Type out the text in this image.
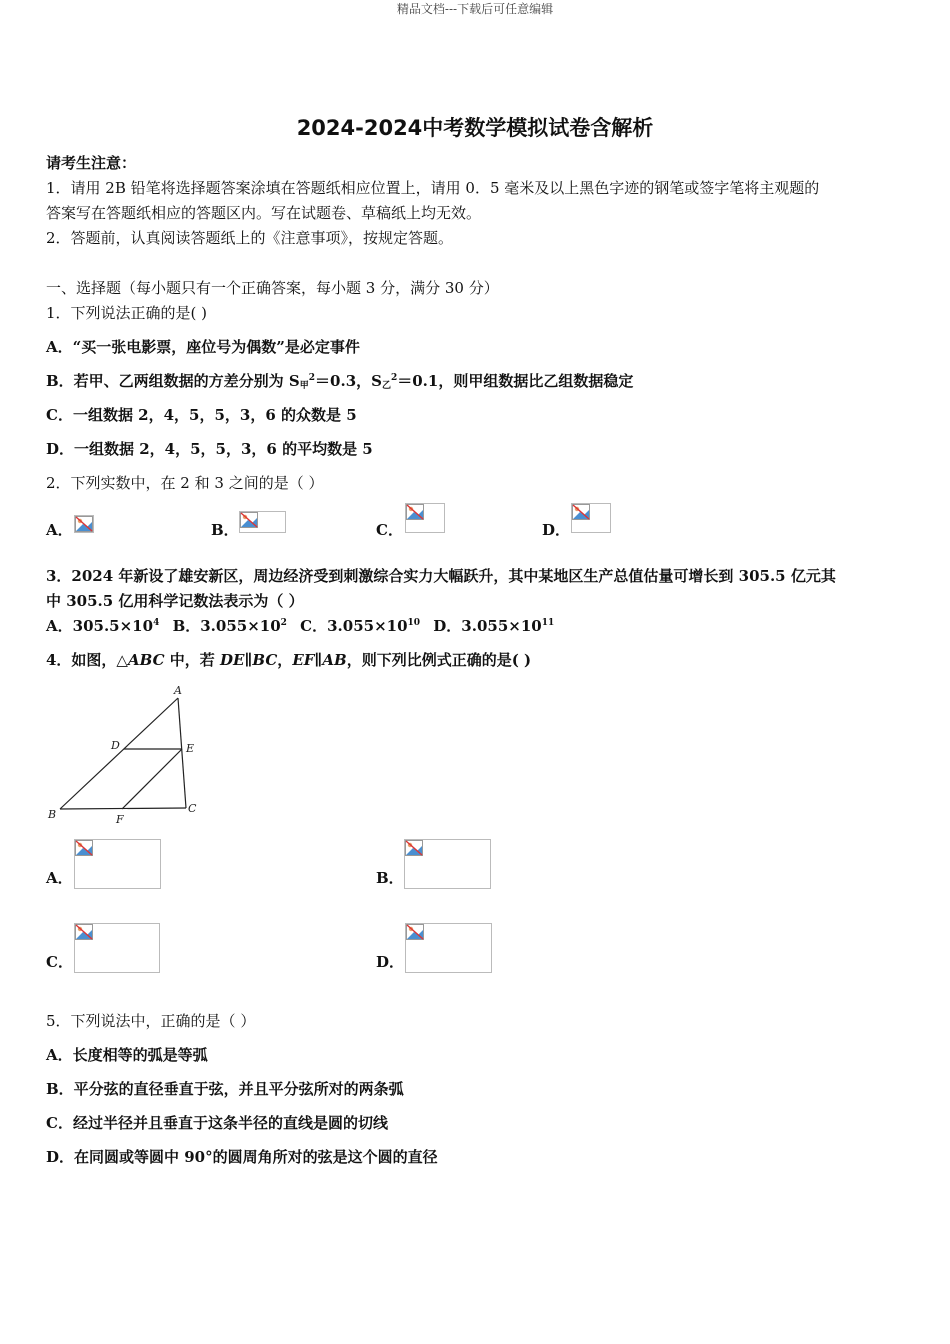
精品文档---下载后可任意编辑
2024-2024中考数学模拟试卷含解析
请考生注意：
1．请用 2B 铅笔将选择题答案涂填在答题纸相应位置上，请用 0．5 毫米及以上黑色字迹的钢笔或签字笔将主观题的
答案写在答题纸相应的答题区内。写在试题卷、草稿纸上均无效。
2．答题前，认真阅读答题纸上的《注意事项》，按规定答题。
一、选择题（每小题只有一个正确答案，每小题 3 分，满分 30 分）
1．下列说法正确的是( )
A．“买一张电影票，座位号为偶数”是必定事件
B．若甲、乙两组数据的方差分别为 $S_甲^2=0.3$，$S_乙^2=0.1$，则甲组数据比乙组数据稳定
C．一组数据 2，4，5，5，3，6 的众数是 5
D．一组数据 2，4，5，5，3，6 的平均数是 5
2．下列实数中，在 2 和 3 之间的是（ ）
A．	B．	C．	D．
3．2024 年新设了雄安新区，周边经济受到刺激综合实力大幅跃升，其中某地区生产总值估量可增长到 305.5 亿元其
中 305.5 亿用科学记数法表示为（ ）
A．$305.5\times 10^4$ B．$3.055\times 10^2$ C．$3.055\times 10^{10}$ D．$3.055\times 10^{11}$
4．如图，△ABC 中，若 DE∥BC，EF∥AB，则下列比例式正确的是( )
A
B	C
D	E
F
A．	B．
C．	D．
5．下列说法中，正确的是（ ）
A．长度相等的弧是等弧
B．平分弦的直径垂直于弦，并且平分弦所对的两条弧
C．经过半径并且垂直于这条半径的直线是圆的切线
D．在同圆或等圆中 90°的圆周角所对的弦是这个圆的直径
